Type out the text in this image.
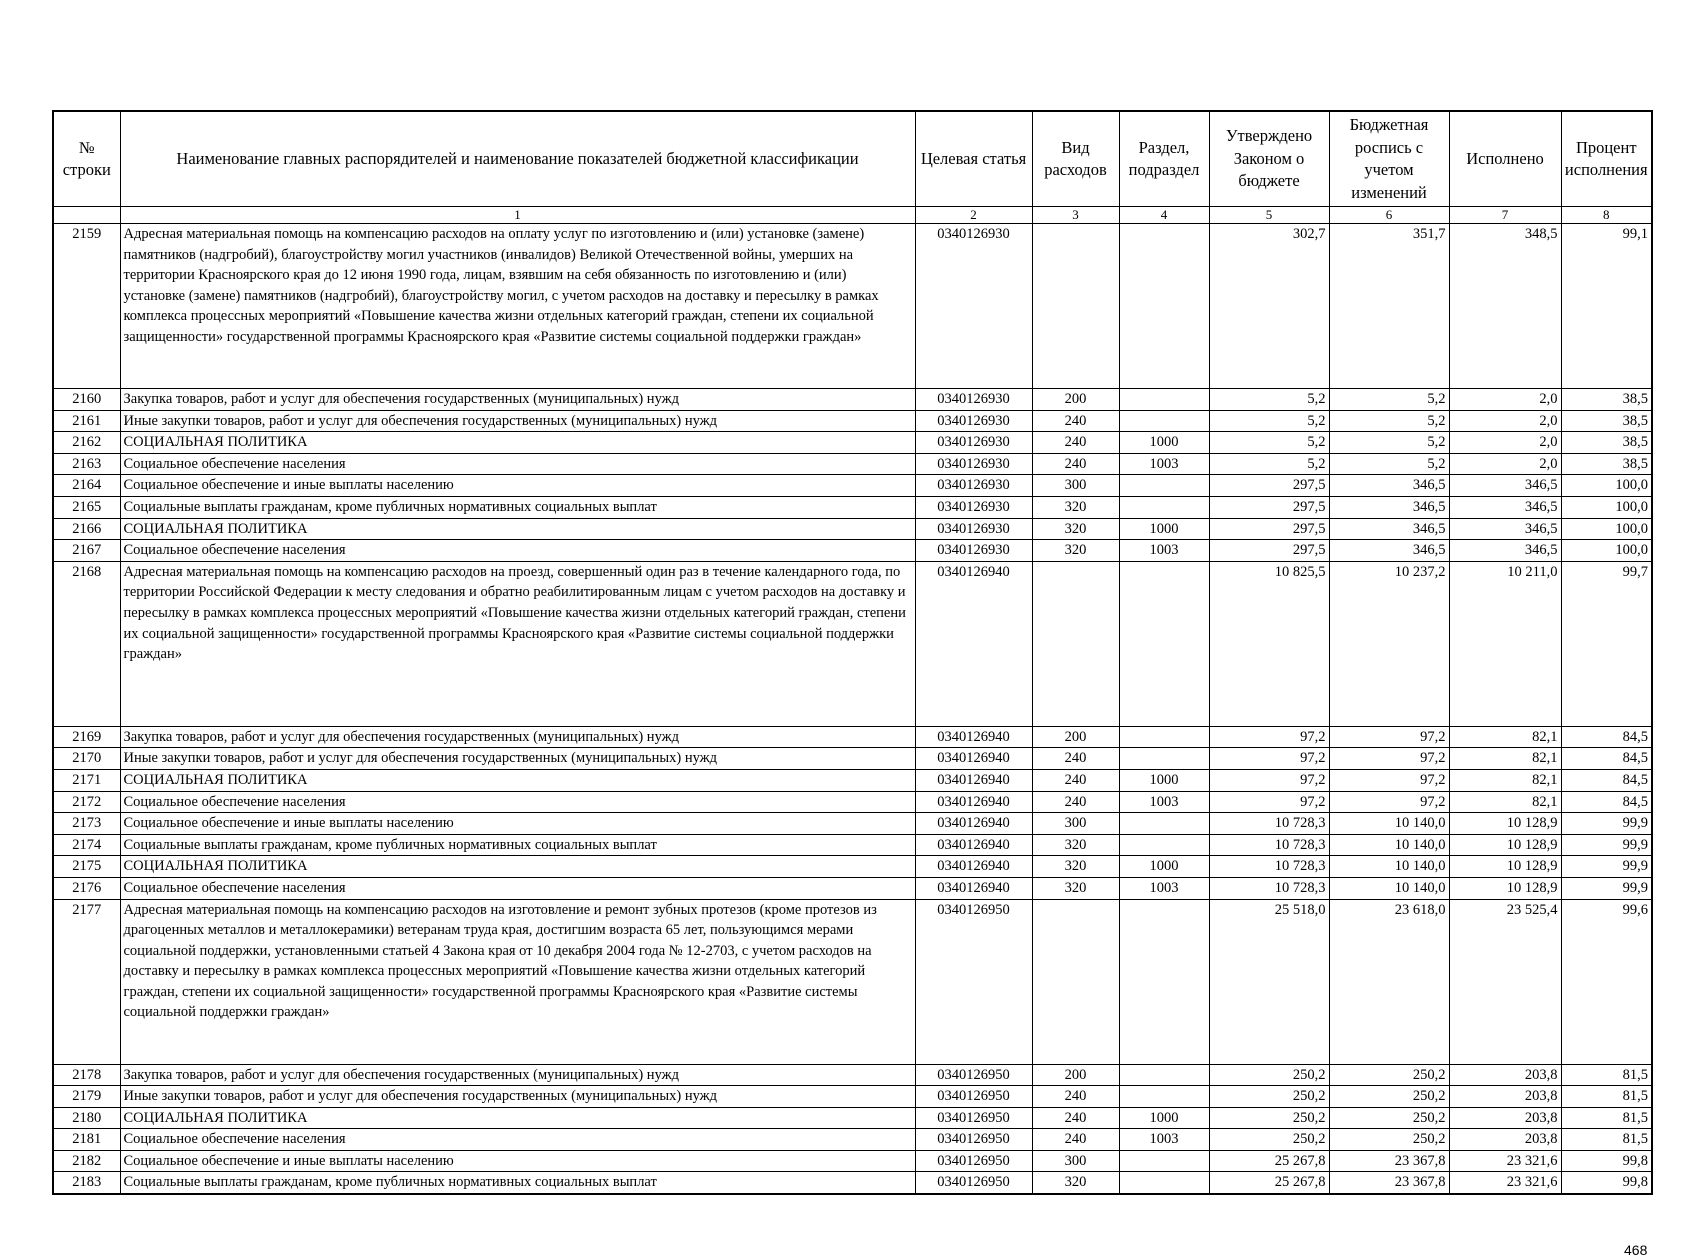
№ строки	Наименование главных распорядителей и наименование показателей бюджетной классификации	Целевая статья	Вид расходов	Раздел, подраздел	Утверждено Законом о бюджете	Бюджетная роспись с учетом изменений	Исполнено	Процент исполнения
	1	2	3	4	5	6	7	8
2159	Адресная материальная помощь на компенсацию расходов на оплату услуг по изготовлению и (или) установке (замене) памятников (надгробий), благоустройству могил участников (инвалидов) Великой Отечественной войны, умерших на территории Красноярского края до 12 июня 1990 года, лицам, взявшим на себя обязанность по изготовлению и (или) установке (замене) памятников (надгробий), благоустройству могил, с учетом расходов на доставку и пересылку в рамках комплекса процессных мероприятий «Повышение качества жизни отдельных категорий граждан, степени их социальной защищенности» государственной программы Красноярского края «Развитие системы социальной поддержки граждан»	0340126930			302,7	351,7	348,5	99,1
2160	Закупка товаров, работ и услуг для обеспечения государственных (муниципальных) нужд	0340126930	200		5,2	5,2	2,0	38,5
2161	Иные закупки товаров, работ и услуг для обеспечения государственных (муниципальных) нужд	0340126930	240		5,2	5,2	2,0	38,5
2162	СОЦИАЛЬНАЯ ПОЛИТИКА	0340126930	240	1000	5,2	5,2	2,0	38,5
2163	Социальное обеспечение населения	0340126930	240	1003	5,2	5,2	2,0	38,5
2164	Социальное обеспечение и иные выплаты населению	0340126930	300		297,5	346,5	346,5	100,0
2165	Социальные выплаты гражданам, кроме публичных нормативных социальных выплат	0340126930	320		297,5	346,5	346,5	100,0
2166	СОЦИАЛЬНАЯ ПОЛИТИКА	0340126930	320	1000	297,5	346,5	346,5	100,0
2167	Социальное обеспечение населения	0340126930	320	1003	297,5	346,5	346,5	100,0
2168	Адресная материальная помощь на компенсацию расходов на проезд, совершенный один раз в течение календарного года, по территории Российской Федерации к месту следования и обратно реабилитированным лицам с учетом расходов на доставку и пересылку в рамках комплекса процессных мероприятий «Повышение качества жизни отдельных категорий граждан, степени их социальной защищенности» государственной программы Красноярского края «Развитие системы социальной поддержки граждан»	0340126940			10 825,5	10 237,2	10 211,0	99,7
2169	Закупка товаров, работ и услуг для обеспечения государственных (муниципальных) нужд	0340126940	200		97,2	97,2	82,1	84,5
2170	Иные закупки товаров, работ и услуг для обеспечения государственных (муниципальных) нужд	0340126940	240		97,2	97,2	82,1	84,5
2171	СОЦИАЛЬНАЯ ПОЛИТИКА	0340126940	240	1000	97,2	97,2	82,1	84,5
2172	Социальное обеспечение населения	0340126940	240	1003	97,2	97,2	82,1	84,5
2173	Социальное обеспечение и иные выплаты населению	0340126940	300		10 728,3	10 140,0	10 128,9	99,9
2174	Социальные выплаты гражданам, кроме публичных нормативных социальных выплат	0340126940	320		10 728,3	10 140,0	10 128,9	99,9
2175	СОЦИАЛЬНАЯ ПОЛИТИКА	0340126940	320	1000	10 728,3	10 140,0	10 128,9	99,9
2176	Социальное обеспечение населения	0340126940	320	1003	10 728,3	10 140,0	10 128,9	99,9
2177	Адресная материальная помощь на компенсацию расходов на изготовление и ремонт зубных протезов (кроме протезов из драгоценных металлов и металлокерамики) ветеранам труда края, достигшим возраста 65 лет, пользующимся мерами социальной поддержки, установленными статьей 4 Закона края от 10 декабря 2004 года № 12-2703, с учетом расходов на доставку и пересылку в рамках комплекса процессных мероприятий «Повышение качества жизни отдельных категорий граждан, степени их социальной защищенности» государственной программы Красноярского края «Развитие системы социальной поддержки граждан»	0340126950			25 518,0	23 618,0	23 525,4	99,6
2178	Закупка товаров, работ и услуг для обеспечения государственных (муниципальных) нужд	0340126950	200		250,2	250,2	203,8	81,5
2179	Иные закупки товаров, работ и услуг для обеспечения государственных (муниципальных) нужд	0340126950	240		250,2	250,2	203,8	81,5
2180	СОЦИАЛЬНАЯ ПОЛИТИКА	0340126950	240	1000	250,2	250,2	203,8	81,5
2181	Социальное обеспечение населения	0340126950	240	1003	250,2	250,2	203,8	81,5
2182	Социальное обеспечение и иные выплаты населению	0340126950	300		25 267,8	23 367,8	23 321,6	99,8
2183	Социальные выплаты гражданам, кроме публичных нормативных социальных выплат	0340126950	320		25 267,8	23 367,8	23 321,6	99,8
468
